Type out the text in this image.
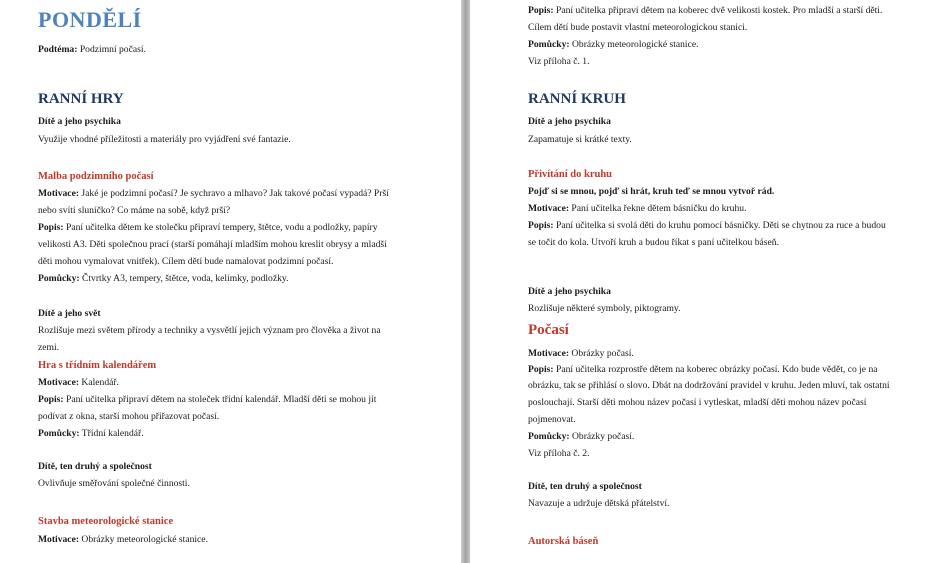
PONDĚLÍ
Podtéma: Podzimní počasí.
RANNÍ HRY
Dítě a jeho psychika
Využije vhodné příležitosti a materiály pro vyjádření své fantazie.
Malba podzimního počasí
Motivace: Jaké je podzimní počasí? Je sychravo a mlhavo? Jak takové počasí vypadá? Prší
nebo svítí sluníčko? Co máme na sobě, když prší?
Popis: Paní učitelka dětem ke stolečku připraví tempery, štětce, vodu a podložky, papíry
velikosti A3. Děti společnou prací (starší pomáhají mladším mohou kreslit obrysy a mladší
děti mohou vymalovat vnitřek). Cílem dětí bude namalovat podzimní počasí.
Pomůcky: Čtvrtky A3, tempery, štětce, voda, kelímky, podložky.
Dítě a jeho svět
Rozlišuje mezi světem přírody a techniky a vysvětlí jejich význam pro člověka a život na
zemi.
Hra s třídním kalendářem
Motivace: Kalendář.
Popis: Paní učitelka připraví dětem na stoleček třídní kalendář. Mladší děti se mohou jít
podívat z okna, starší mohou přiřazovat počasí.
Pomůcky: Třídní kalendář.
Dítě, ten druhý a společnost
Ovlivňuje směřování společné činnosti.
Stavba meteorologické stanice
Motivace: Obrázky meteorologické stanice.
Popis: Paní učitelka připraví dětem na koberec dvě velikosti kostek. Pro mladší a starší děti.
Cílem dětí bude postavit vlastní meteorologickou stanici.
Pomůcky: Obrázky meteorologické stanice.
Viz příloha č. 1.
RANNÍ KRUH
Dítě a jeho psychika
Zapamatuje si krátké texty.
Přivítání do kruhu
Pojď si se mnou, pojď si hrát, kruh teď se mnou vytvoř rád.
Motivace: Paní učitelka řekne dětem básničku do kruhu.
Popis: Paní učitelka si svolá děti do kruhu pomocí básničky. Děti se chytnou za ruce a budou
se točit do kola. Utvoří kruh a budou říkat s paní učitelkou báseň.
Dítě a jeho psychika
Rozlišuje některé symboly, piktogramy.
Počasí
Motivace: Obrázky počasí.
Popis: Paní učitelka rozprostře dětem na koberec obrázky počasí. Kdo bude vědět, co je na
obrázku, tak se přihlásí o slovo. Dbát na dodržování pravidel v kruhu. Jeden mluví, tak ostatní
poslouchají. Starší děti mohou název počasí i vytleskat, mladší děti mohou název počasí
pojmenovat.
Pomůcky: Obrázky počasí.
Viz příloha č. 2.
Dítě, ten druhý a společnost
Navazuje a udržuje dětská přátelství.
Autorská báseň
